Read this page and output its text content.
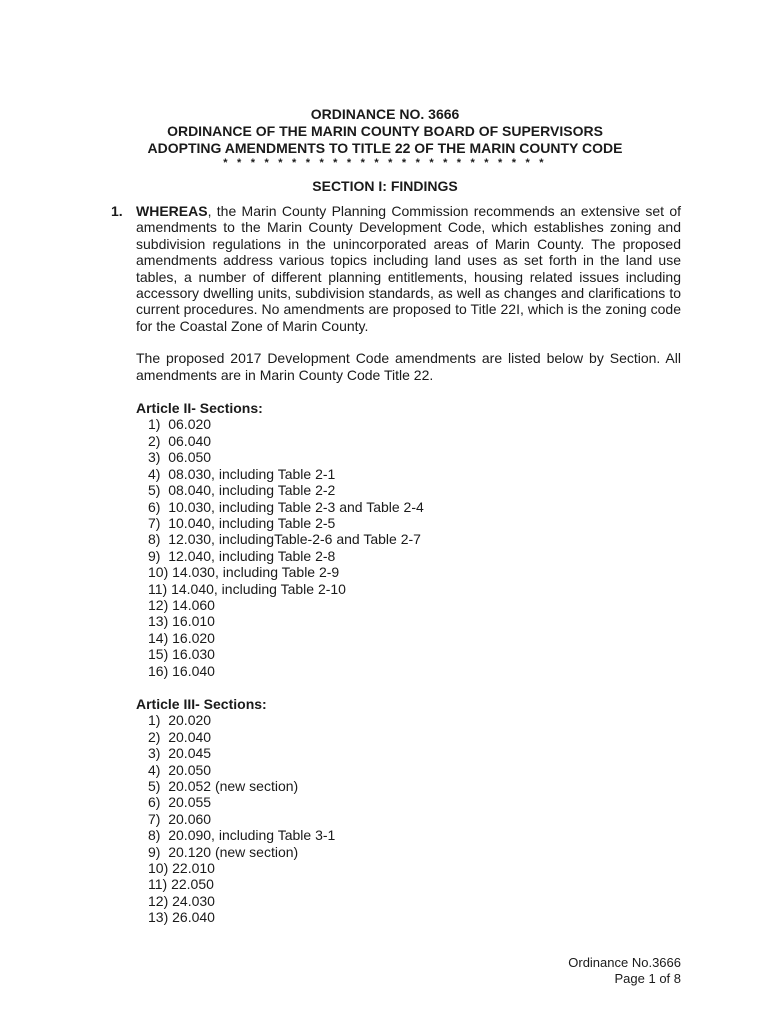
ORDINANCE NO. 3666
ORDINANCE OF THE MARIN COUNTY BOARD OF SUPERVISORS
ADOPTING AMENDMENTS TO TITLE 22 OF THE MARIN COUNTY CODE
* * * * * * * * * * * * * * * * * * * * * * * *
SECTION I: FINDINGS
1. WHEREAS, the Marin County Planning Commission recommends an extensive set of amendments to the Marin County Development Code, which establishes zoning and subdivision regulations in the unincorporated areas of Marin County. The proposed amendments address various topics including land uses as set forth in the land use tables, a number of different planning entitlements, housing related issues including accessory dwelling units, subdivision standards, as well as changes and clarifications to current procedures. No amendments are proposed to Title 22I, which is the zoning code for the Coastal Zone of Marin County.

The proposed 2017 Development Code amendments are listed below by Section. All amendments are in Marin County Code Title 22.

Article II- Sections:
1)  06.020
2)  06.040
3)  06.050
4)  08.030, including Table 2-1
5)  08.040, including Table 2-2
6)  10.030, including Table 2-3 and Table 2-4
7)  10.040, including Table 2-5
8)  12.030, includingTable-2-6 and Table 2-7
9)  12.040, including Table 2-8
10) 14.030, including Table 2-9
11) 14.040, including Table 2-10
12) 14.060
13) 16.010
14) 16.020
15) 16.030
16) 16.040
Article III- Sections:
1)  20.020
2)  20.040
3)  20.045
4)  20.050
5)  20.052 (new section)
6)  20.055
7)  20.060
8)  20.090, including Table 3-1
9)  20.120 (new section)
10) 22.010
11) 22.050
12) 24.030
13) 26.040
Ordinance No.3666
Page 1 of 8
